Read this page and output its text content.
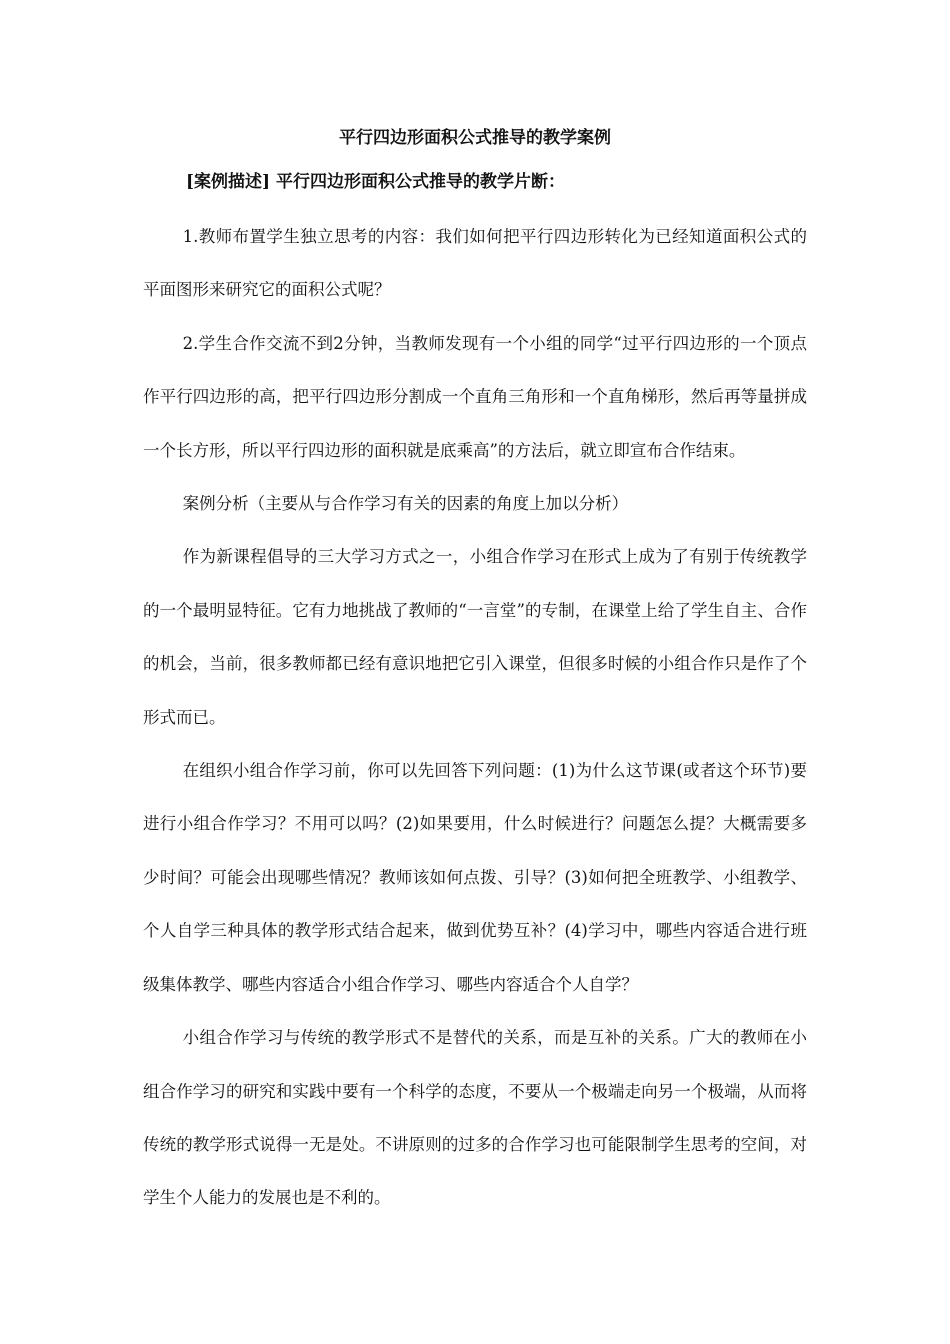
平行四边形面积公式推导的教学案例
[案例描述] 平行四边形面积公式推导的教学片断：

1.教师布置学生独立思考的内容：我们如何把平行四边形转化为已经知道面积公式的平面图形来研究它的面积公式呢？

2.学生合作交流不到2分钟，当教师发现有一个小组的同学“过平行四边形的一个顶点作平行四边形的高，把平行四边形分割成一个直角三角形和一个直角梯形，然后再等量拼成一个长方形，所以平行四边形的面积就是底乘高”的方法后，就立即宣布合作结束。

案例分析（主要从与合作学习有关的因素的角度上加以分析）

作为新课程倡导的三大学习方式之一，小组合作学习在形式上成为了有别于传统教学的一个最明显特征。它有力地挑战了教师的“一言堂”的专制，在课堂上给了学生自主、合作的机会，当前，很多教师都已经有意识地把它引入课堂，但很多时候的小组合作只是作了个形式而已。

在组织小组合作学习前，你可以先回答下列问题：(1)为什么这节课(或者这个环节)要进行小组合作学习？不用可以吗？(2)如果要用，什么时候进行？问题怎么提？大概需要多少时间？可能会出现哪些情况？教师该如何点拨、引导？(3)如何把全班教学、小组教学、个人自学三种具体的教学形式结合起来，做到优势互补？(4)学习中，哪些内容适合进行班级集体教学、哪些内容适合小组合作学习、哪些内容适合个人自学？

小组合作学习与传统的教学形式不是替代的关系，而是互补的关系。广大的教师在小组合作学习的研究和实践中要有一个科学的态度，不要从一个极端走向另一个极端，从而将传统的教学形式说得一无是处。不讲原则的过多的合作学习也可能限制学生思考的空间，对学生个人能力的发展也是不利的。
